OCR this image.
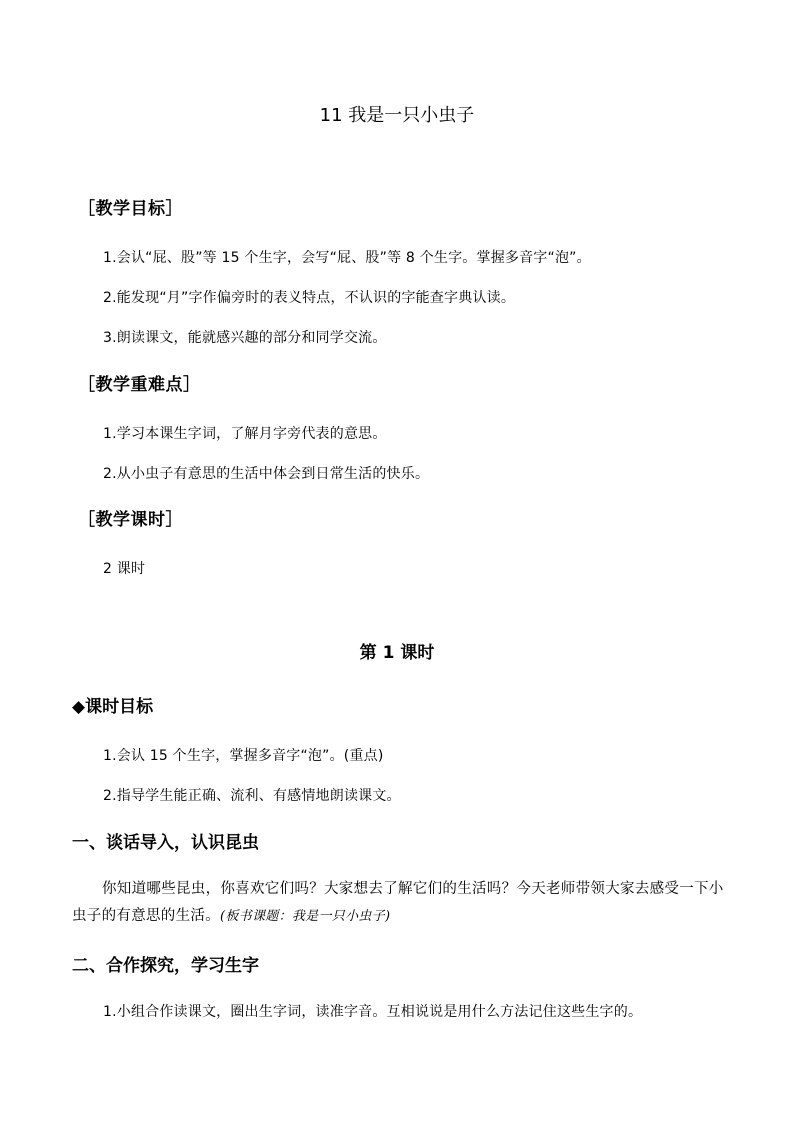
11 我是一只小虫子
［教学目标］
1.会认“屁、股”等 15 个生字，会写“屁、股”等 8 个生字。掌握多音字“泡”。
2.能发现“月”字作偏旁时的表义特点，不认识的字能查字典认读。
3.朗读课文，能就感兴趣的部分和同学交流。
［教学重难点］
1.学习本课生字词，了解月字旁代表的意思。
2.从小虫子有意思的生活中体会到日常生活的快乐。
［教学课时］
2 课时
第 1 课时
◆课时目标
1.会认 15 个生字，掌握多音字“泡”。(重点)
2.指导学生能正确、流利、有感情地朗读课文。
一、谈话导入，认识昆虫
你知道哪些昆虫，你喜欢它们吗？大家想去了解它们的生活吗？今天老师带领大家去感受一下小虫子的有意思的生活。(板书课题：我是一只小虫子)
二、合作探究，学习生字
1.小组合作读课文，圈出生字词，读准字音。互相说说是用什么方法记住这些生字的。
